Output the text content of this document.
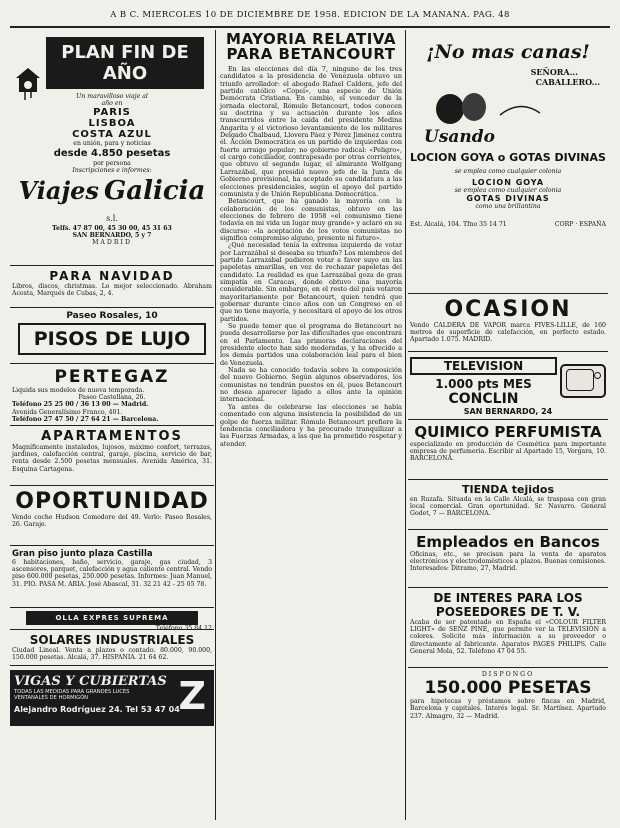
A B C. MIERCOLES 10 DE DICIEMBRE DE 1958. EDICION DE LA MAÑANA. PAG. 48
PLAN FIN DE AÑO
Un maravilloso viaje al
año en
PARIS
LISBOA
COSTA AZUL
en unión, para y noticias
desde 4.850 pesetas
por persona
Inscripciones e informes:
Viajes Galicia s.l.
Telfs. 47 87 00, 45 30 00, 45 31 63
SAN BERNARDO, 5 y 7
MADRID
PARA NAVIDAD
Libros, discos, christmas. Lo mejor seleccionado. Abraham Acosta, Marqués de Cubas, 2, 4.
Paseo Rosales, 10
PISOS DE LUJO
PERTEGAZ
Liquida sus modelos de nueva temporada.
Paseo Castellana, 26.
Teléfono 25 25 00 / 36 13 00 — Madrid.
Avenida Generalísimo Franco, 401.
Teléfono 27 47 50 / 27 64 21 — Barcelona.
APARTAMENTOS
Magníficamente instalados, lujosos, máximo confort, terrazas, jardines, calefacción central, garaje, piscina, servicio de bar, renta desde 2.500 pesetas mensuales. Avenida América, 31. Esquina Cartagena.
OPORTUNIDAD
Vendo coche Hudson Comodore del 49. Verlo: Paseo Rosales, 26. Garaje.
Gran piso junto plaza Castilla
6 habitaciones, baño, servicio, garaje, gas ciudad, 3 ascensores, parquet, calefacción y agua caliente central. Vendo piso 600.000 pesetas, 250.000 pesetas. Informes: Juan Manuel, 31. PIO. PASA M. ARIA. José Abascal, 31. 32 21 42 - 25 05 78.
OLLA EXPRES SUPREMA
Teléfono 35 84 12
SOLARES INDUSTRIALES
Ciudad Lineal. Venta a plazos o contado. 80.000, 90.000, 150.000 pesetas. Alcalá, 37. HISPANIA. 21 64 62.
VIGAS Y CUBIERTAS
TODAS LAS MEDIDAS PARA GRANDES LUCES
VENTANALES DE HORMIGÓN
Alejandro Rodríguez 24. Tel 53 47 04
Z
MAYORIA RELATIVA
PARA BETANCOURT

En las elecciones del día 7, ninguno de los tres candidatos a la presidencia de Venezuela obtuvo un triunfo arrollador: el abogado Rafael Caldera, jefe del partido católico «Copei», una especie de Unión Demócrata Cristiana. En cambio, el vencedor de la jornada electoral, Rómulo Betancourt, todos conocen su doctrina y su actuación durante los años transcurridos entre la caída del presidente Medina Angarita y el victorioso levantamiento de los militares Delgado Chalbaud, Llovera Páez y Pérez Jiménez contra él. Acción Democrática es un partido de izquierdas con fuerte arraigo popular; no gobierno radical: «Peligro», el cargo conciliador, contrapesado por otras corrientes, que obtuvo el segundo lugar, el almirante Wolfgang Larrazábal, que presidió nuevo jefe de la Junta de Gobierno provisional, ha aceptado su candidatura a las elecciones presidenciales, según el apoyo del partido comunista y de Unión Republicana Democrática.

Betancourt, que ha ganado la mayoría con la colaboración de los comunistas, obtuvo en las elecciones de febrero de 1958 «el comunismo tiene todavía en mi vida un lugar muy grande» y aclaró en su discurso: «la aceptación de los votos comunistas no significa compromiso alguno, presente ni futuro».

¿Qué necesidad tenía la extrema izquierda de votar por Larrazábal si deseaba su triunfo? Los miembros del partido Larrazábal pudieron votar a favor suyo en las papeletas amarillas, en vez de rechazar papeletas del candidato. La realidad es que Larrazábal goza de gran simpatía en Caracas, donde obtuvo una mayoría considerable. Sin embargo, en el resto del país votaron mayoritariamente por Betancourt, quien tendrá que gobernar durante cinco años con un Congreso en el que no tiene mayoría, y necesitará el apoyo de los otros partidos.

Se puede temer que el programa de Betancourt no pueda desarrollarse por las dificultades que encontrará en el Parlamento. Las primeras declaraciones del presidente electo han sido moderadas, y ha ofrecido a los demás partidos una colaboración leal para el bien de Venezuela.

Nada se ha conocido todavía sobre la composición del nuevo Gobierno. Según algunos observadores, los comunistas no tendrán puestos en él, pues Betancourt no desea aparecer ligado a ellos ante la opinión internacional.

Ya antes de celebrarse las elecciones se había comentado con alguna insistencia la posibilidad de un golpe de fuerza militar. Rómulo Betancourt prefiere la tendencia conciliadora y ha procurado tranquilizar a las Fuerzas Armadas, a las que ha prometido respetar y atender.

¡No mas canas!
SEÑORA...
CABALLERO...
Usando
LOCION GOYA o GOTAS DIVINAS
se emplea como cualquier colonia
LOCION GOYA
se emplea como cualquier colonia
GOTAS DIVINAS
como una brillantina
Est. Alcalá, 104. Tfno 35 14 71	CORP · ESPAÑA
OCASION
Vendo CALDERA DE VAPOR marca FIVES-LILLE, de 160 metros de superficie de calefacción, en perfecto estado. Apartado 1.075. MADRID.
TELEVISION
1.000 pts MES
CONCLIN
SAN BERNARDO, 24
QUIMICO PERFUMISTA
especializado en producción de Cosmética para importante empresa de perfumería. Escribir al Apartado 15, Vergara, 10. BARCELONA.
TIENDA tejidos
en Ruzafa. Situada en la Calle Alcalá, se traspasa con gran local comercial. Gran oportunidad. Sr. Navarro. General Godet, 7 — BARCELONA.
Empleados en Bancos
Oficinas, etc., se precisan para la venta de aparatos electrónicos y electrodomésticos a plazos. Buenas comisiones. Interesados: Ditramo, 27, Madrid.
DE INTERES PARA LOS
POSEEDORES DE T. V.
Acaba de ser patentado en España el «COLOUR FILTER LIGHT» de SENZ PINE, que permite ver la TELEVISIÓN a colores. Solicite más información a su proveedor o directamente al fabricante. Aparatos PAGES PHILIPS. Calle General Mola, 52. Teléfono 47 04 55.
DISPONGO
150.000 PESETAS
para hipotecas y préstamos sobre fincas en Madrid, Barcelona y capitales. Interés legal. Sr. Martínez. Apartado 237. Almagro, 32 — Madrid.
